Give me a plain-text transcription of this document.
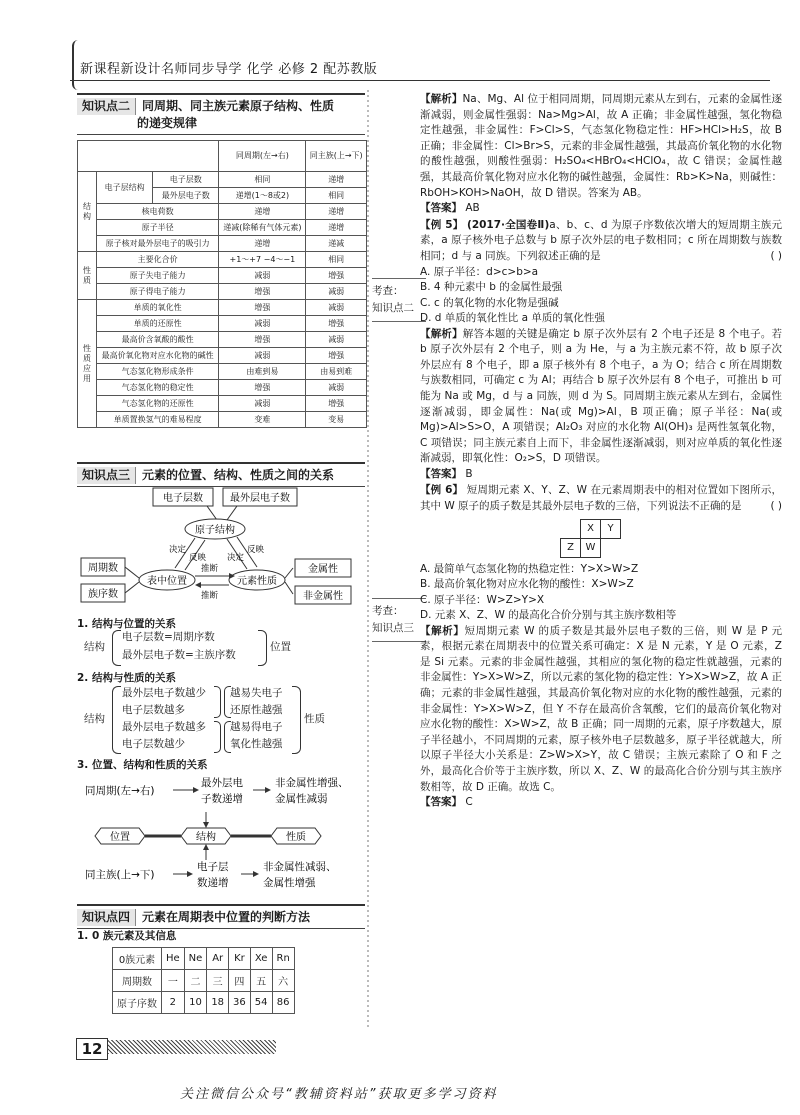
新课程新设计名师同步导学 化学 必修 2 配苏教版
知识点二 同周期、同主族元素原子结构、性质
的递变规律
			同周期(左→右)	同主族(上→下)
结构	电子层结构	电子层数	相同	递增
		最外层电子数	递增(1～8或2)	相同
	核电荷数		递增	递增
	原子半径		递减(除稀有气体元素)	递增
	原子核对最外层电子的吸引力		递增	递减
性质	主要化合价		+1～+7 −4～−1	相同
	原子失电子能力		减弱	增强
	原子得电子能力		增强	减弱
性质应用	单质的氧化性		增强	减弱
	单质的还原性		减弱	增强
	最高价含氧酸的酸性		增强	减弱
	最高价氧化物对应水化物的碱性		减弱	增强
	气态氢化物形成条件		由难到易	由易到难
	气态氢化物的稳定性		增强	减弱
	气态氢化物的还原性		减弱	增强
	单质置换氢气的难易程度		变难	变易
知识点三 元素的位置、结构、性质之间的关系
电子层数	最外层电子数
原子结构
决定
反映 决定
反映
周期数
族序数
表中位置	元素性质
推断
推断
金属性
非金属性
1. 结构与位置的关系
结构
电子层数=周期序数
最外层电子数=主族序数
位置
2. 结构与性质的关系
结构
最外层电子数越少
电子层数越多
最外层电子数越多
电子层数越少
越易失电子
还原性越强
越易得电子
氧化性越强
性质
3. 位置、结构和性质的关系
同周期(左→右)
最外层电
子数递增
非金属性增强、
金属性减弱
位置	结构	性质
同主族(上→下)
电子层
数递增
非金属性减弱、
金属性增强
知识点四 元素在周期表中位置的判断方法
1. 0 族元素及其信息
0族元素	He	Ne	Ar	Kr	Xe	Rn
周期数	一	二	三	四	五	六
原子序数	2	10	18	36	54	86
考查：
知识点二
考查：
知识点三
【解析】Na、Mg、Al 位于相同周期，同周期元素从左到右，元素的金属性逐渐减弱，则金属性强弱：Na>Mg>Al，故 A 正确；非金属性越强，氢化物稳定性越强，非金属性：F>Cl>S，气态氢化物稳定性：HF>HCl>H₂S，故 B 正确；非金属性：Cl>Br>S，元素的非金属性越强，其最高价氧化物的水化物的酸性越强，则酸性强弱：H₂SO₄<HBrO₄<HClO₄，故 C 错误；金属性越强，其最高价氧化物对应水化物的碱性越强，金属性：Rb>K>Na，则碱性：RbOH>KOH>NaOH，故 D 错误。答案为 AB。
【答案】 AB
【例 5】 (2017·全国卷Ⅱ)a、b、c、d 为原子序数依次增大的短周期主族元素，a 原子核外电子总数与 b 原子次外层的电子数相同；c 所在周期数与族数相同；d 与 a 同族。下列叙述正确的是	( )
A. 原子半径：d>c>b>a
B. 4 种元素中 b 的金属性最强
C. c 的氧化物的水化物是强碱
D. d 单质的氧化性比 a 单质的氧化性强
【解析】解答本题的关键是确定 b 原子次外层有 2 个电子还是 8 个电子。若 b 原子次外层有 2 个电子，则 a 为 He，与 a 为主族元素不符，故 b 原子次外层应有 8 个电子，即 a 原子核外有 8 个电子，a 为 O；结合 c 所在周期数与族数相同，可确定 c 为 Al；再结合 b 原子次外层有 8 个电子，可推出 b 可能为 Na 或 Mg，d 与 a 同族，则 d 为 S。同周期主族元素从左到右，金属性逐渐减弱，即金属性：Na(或 Mg)>Al，B 项正确；原子半径：Na(或 Mg)>Al>S>O，A 项错误；Al₂O₃ 对应的水化物 Al(OH)₃ 是两性氢氧化物，C 项错误；同主族元素自上而下，非金属性逐渐减弱，则对应单质的氧化性逐渐减弱，即氧化性：O₂>S，D 项错误。
【答案】 B
【例 6】 短周期元素 X、Y、Z、W 在元素周期表中的相对位置如下图所示，其中 W 原子的质子数是其最外层电子数的三倍，下列说法不正确的是	( )
	X	Y
Z	W	
A. 最简单气态氢化物的热稳定性：Y>X>W>Z
B. 最高价氧化物对应水化物的酸性：X>W>Z
C. 原子半径：W>Z>Y>X
D. 元素 X、Z、W 的最高化合价分别与其主族序数相等
【解析】短周期元素 W 的质子数是其最外层电子数的三倍，则 W 是 P 元素，根据元素在周期表中的位置关系可确定：X 是 N 元素，Y 是 O 元素，Z 是 Si 元素。元素的非金属性越强，其相应的氢化物的稳定性就越强，元素的非金属性：Y>X>W>Z，所以元素的氢化物的稳定性：Y>X>W>Z，故 A 正确；元素的非金属性越强，其最高价氧化物对应的水化物的酸性越强，元素的非金属性：Y>X>W>Z，但 Y 不存在最高价含氧酸，它们的最高价氧化物对应水化物的酸性：X>W>Z，故 B 正确；同一周期的元素，原子序数越大，原子半径越小，不同周期的元素，原子核外电子层数越多，原子半径就越大，所以原子半径大小关系是：Z>W>X>Y，故 C 错误；主族元素除了 O 和 F 之外，最高化合价等于主族序数，所以 X、Z、W 的最高化合价分别与其主族序数相等，故 D 正确。故选 C。
【答案】 C
12
关注微信公众号“教辅资料站”获取更多学习资料
